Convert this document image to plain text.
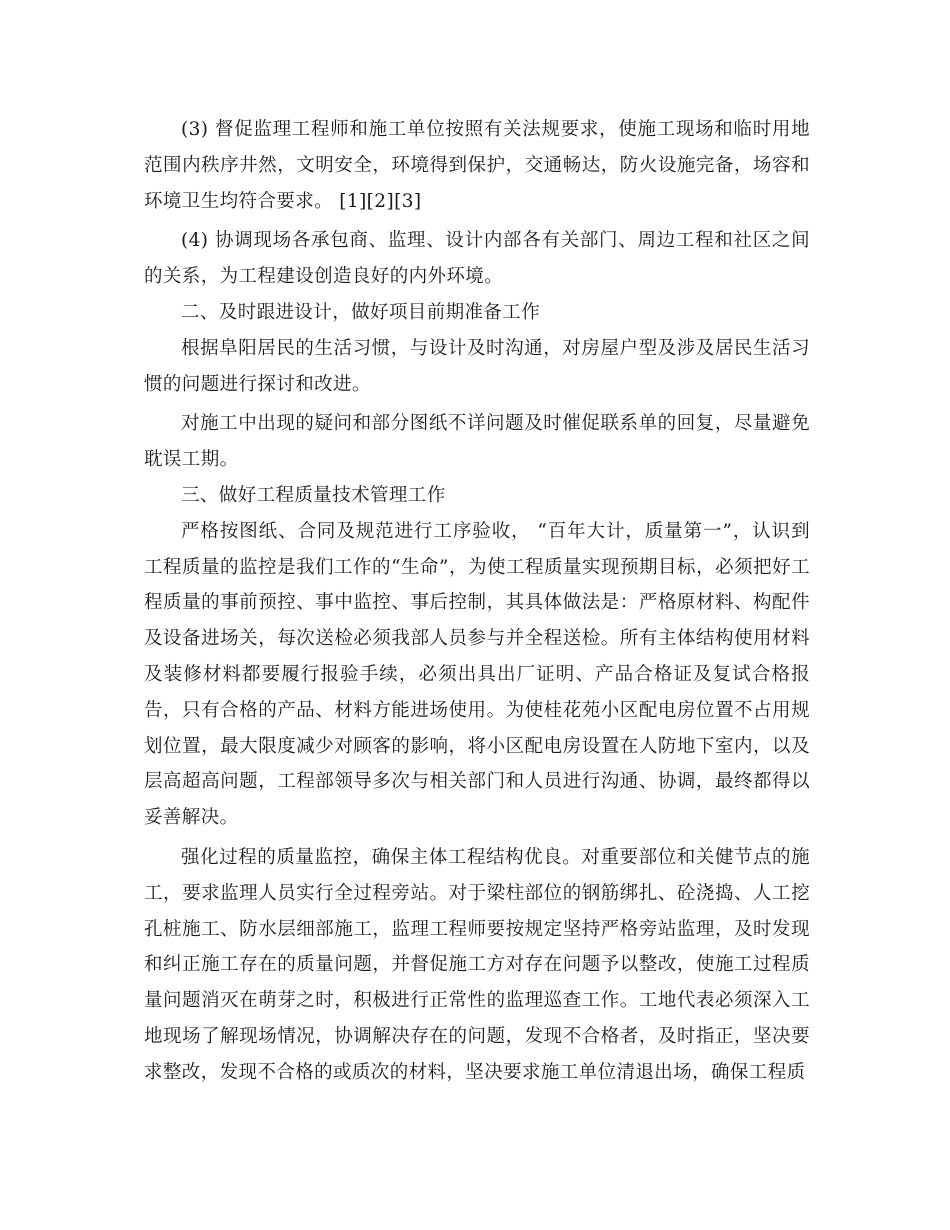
(3) 督促监理工程师和施工单位按照有关法规要求，使施工现场和临时用地范围内秩序井然，文明安全，环境得到保护，交通畅达，防火设施完备，场容和环境卫生均符合要求。 [1][2][3]

(4) 协调现场各承包商、监理、设计内部各有关部门、周边工程和社区之间的关系，为工程建设创造良好的内外环境。

二、及时跟进设计，做好项目前期准备工作

根据阜阳居民的生活习惯，与设计及时沟通，对房屋户型及涉及居民生活习惯的问题进行探讨和改进。

对施工中出现的疑问和部分图纸不详问题及时催促联系单的回复，尽量避免耽误工期。

三、做好工程质量技术管理工作

严格按图纸、合同及规范进行工序验收， “百年大计，质量第一”，认识到工程质量的监控是我们工作的“生命”，为使工程质量实现预期目标，必须把好工程质量的事前预控、事中监控、事后控制，其具体做法是：严格原材料、构配件及设备进场关，每次送检必须我部人员参与并全程送检。所有主体结构使用材料及装修材料都要履行报验手续，必须出具出厂证明、产品合格证及复试合格报告，只有合格的产品、材料方能进场使用。为使桂花苑小区配电房位置不占用规划位置，最大限度减少对顾客的影响，将小区配电房设置在人防地下室内，以及层高超高问题，工程部领导多次与相关部门和人员进行沟通、协调，最终都得以妥善解决。

强化过程的质量监控，确保主体工程结构优良。对重要部位和关健节点的施工，要求监理人员实行全过程旁站。对于梁柱部位的钢筋绑扎、砼浇捣、人工挖孔桩施工、防水层细部施工，监理工程师要按规定坚持严格旁站监理，及时发现和纠正施工存在的质量问题，并督促施工方对存在问题予以整改，使施工过程质量问题消灭在萌芽之时，积极进行正常性的监理巡查工作。工地代表必须深入工地现场了解现场情况，协调解决存在的问题，发现不合格者，及时指正，坚决要求整改，发现不合格的或质次的材料，坚决要求施工单位清退出场，确保工程质
